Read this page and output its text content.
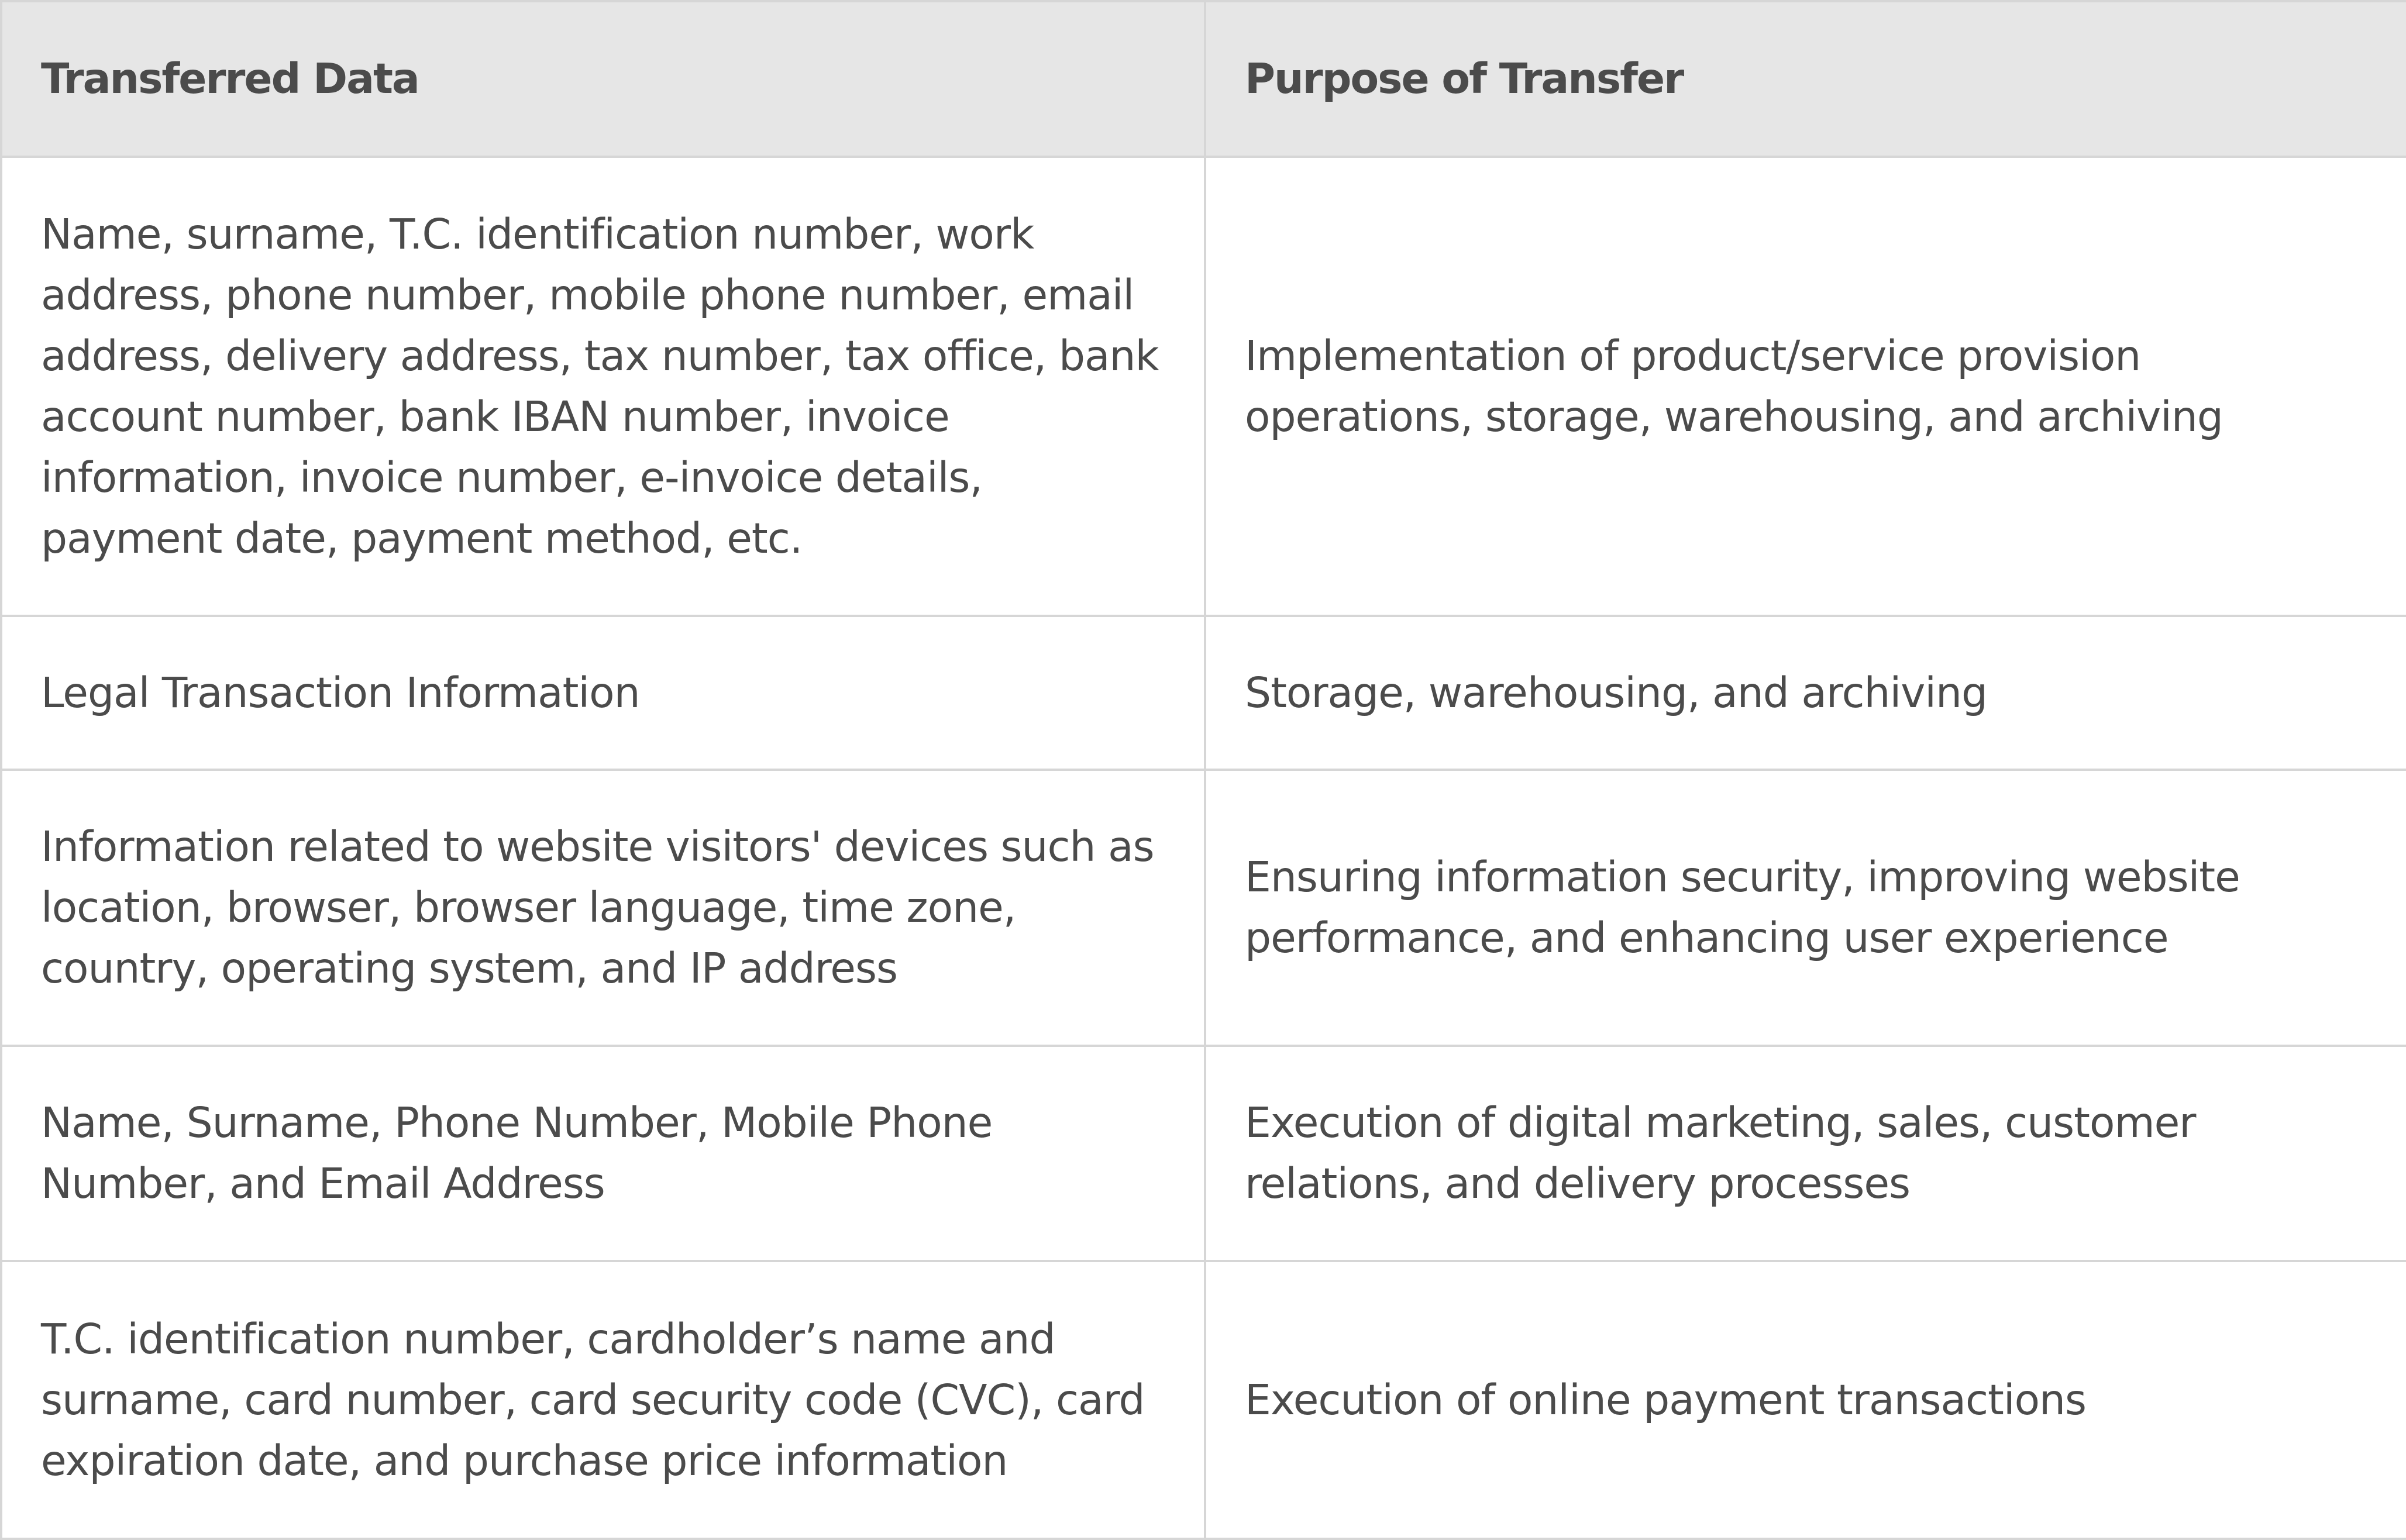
Transferred Data	Purpose of Transfer
Name, surname, T.C. identification number, work address, phone number, mobile phone number, email address, delivery address, tax number, tax office, bank account number, bank IBAN number, invoice information, invoice number, e-invoice details, payment date, payment method, etc.	Implementation of product/service provision operations, storage, warehousing, and archiving
Legal Transaction Information	Storage, warehousing, and archiving
Information related to website visitors' devices such as location, browser, browser language, time zone, country, operating system, and IP address	Ensuring information security, improving website performance, and enhancing user experience
Name, Surname, Phone Number, Mobile Phone Number, and Email Address	Execution of digital marketing, sales, customer relations, and delivery processes
T.C. identification number, cardholder’s name and surname, card number, card security code (CVC), card expiration date, and purchase price information	Execution of online payment transactions
